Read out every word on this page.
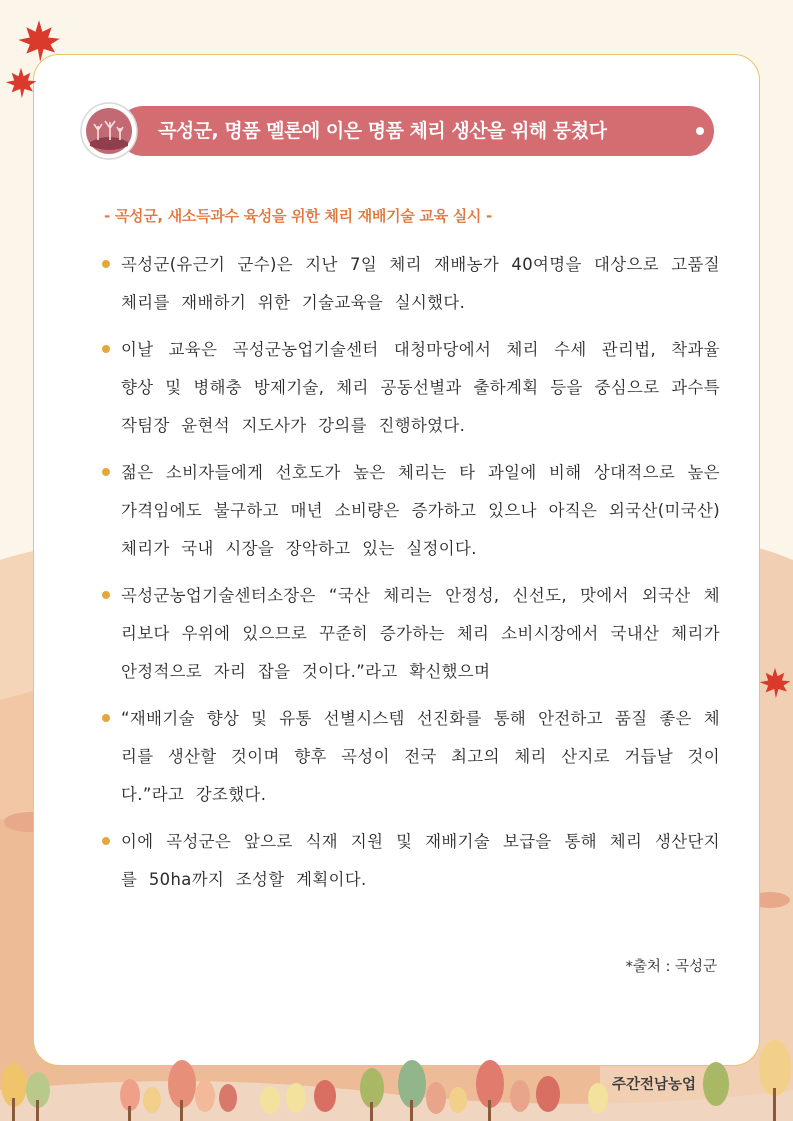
곡성군, 명품 멜론에 이은 명품 체리 생산을 위해 뭉쳤다
- 곡성군, 새소득과수 육성을 위한 체리 재배기술 교육 실시 -

곡성군(유근기 군수)은 지난 7일 체리 재배농가 40여명을 대상으로 고품질 체리를 재배하기 위한 기술교육을 실시했다.

이날 교육은 곡성군농업기술센터 대청마당에서 체리 수세 관리법, 착과율 향상 및 병해충 방제기술, 체리 공동선별과 출하계획 등을 중심으로 과수특작팀장 윤현석 지도사가 강의를 진행하였다.

젊은 소비자들에게 선호도가 높은 체리는 타 과일에 비해 상대적으로 높은 가격임에도 불구하고 매년 소비량은 증가하고 있으나 아직은 외국산(미국산) 체리가 국내 시장을 장악하고 있는 실정이다.

곡성군농업기술센터소장은 “국산 체리는 안정성, 신선도, 맛에서 외국산 체리보다 우위에 있으므로 꾸준히 증가하는 체리 소비시장에서 국내산 체리가 안정적으로 자리 잡을 것이다.”라고 확신했으며

“재배기술 향상 및 유통 선별시스템 선진화를 통해 안전하고 품질 좋은 체리를 생산할 것이며 향후 곡성이 전국 최고의 체리 산지로 거듭날 것이다.”라고 강조했다.

이에 곡성군은 앞으로 식재 지원 및 재배기술 보급을 통해 체리 생산단지를 50ha까지 조성할 계획이다.

*출처 : 곡성군
주간전남농업
